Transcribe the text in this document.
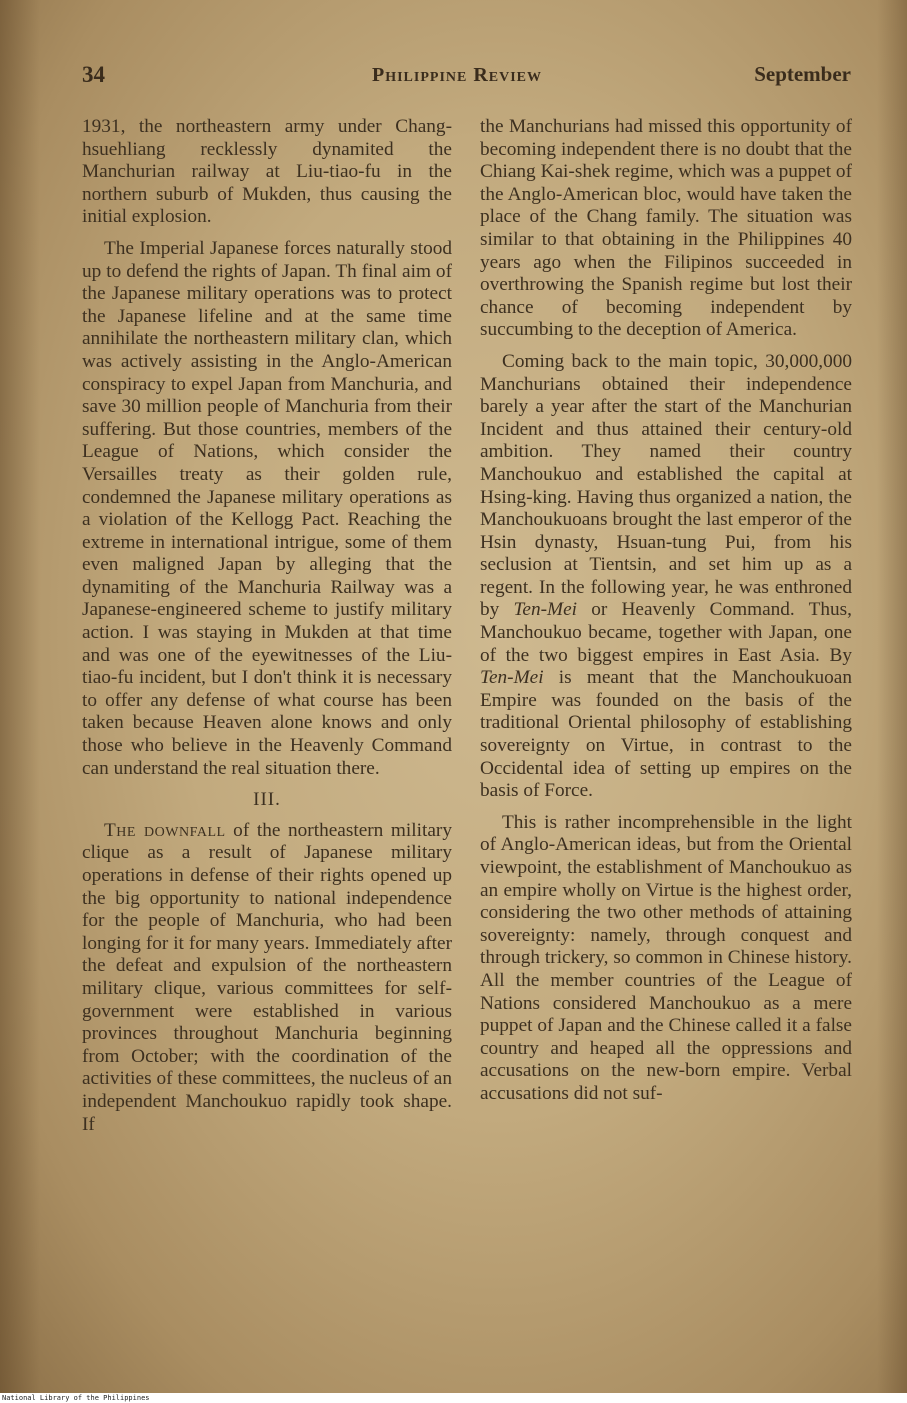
34	Philippine Review	September

1931, the northeastern army under Chang-hsuehliang recklessly dynamited the Manchurian railway at Liu-tiao-fu in the northern suburb of Mukden, thus causing the initial explosion.

The Imperial Japanese forces naturally stood up to defend the rights of Japan. Th final aim of the Japanese military operations was to protect the Japanese lifeline and at the same time annihilate the northeastern military clan, which was actively assisting in the Anglo-American conspiracy to expel Japan from Manchuria, and save 30 million people of Manchuria from their suffering. But those countries, members of the League of Nations, which consider the Versailles treaty as their golden rule, condemned the Japanese military operations as a violation of the Kellogg Pact. Reaching the extreme in international intrigue, some of them even maligned Japan by alleging that the dynamiting of the Manchuria Railway was a Japanese-engineered scheme to justify military action. I was staying in Mukden at that time and was one of the eyewitnesses of the Liu-tiao-fu incident, but I don't think it is necessary to offer any defense of what course has been taken because Heaven alone knows and only those who believe in the Heavenly Command can understand the real situation there.

III.

The downfall of the northeastern military clique as a result of Japanese military operations in defense of their rights opened up the big opportunity to national independence for the people of Manchuria, who had been longing for it for many years. Immediately after the defeat and expulsion of the northeastern military clique, various committees for self-government were established in various provinces throughout Manchuria beginning from October; with the coordination of the activities of these committees, the nucleus of an independent Manchoukuo rapidly took shape. If

the Manchurians had missed this opportunity of becoming independent there is no doubt that the Chiang Kai-shek regime, which was a puppet of the Anglo-American bloc, would have taken the place of the Chang family. The situation was similar to that obtaining in the Philippines 40 years ago when the Filipinos succeeded in overthrowing the Spanish regime but lost their chance of becoming independent by succumbing to the deception of America.

Coming back to the main topic, 30,000,000 Manchurians obtained their independence barely a year after the start of the Manchurian Incident and thus attained their century-old ambition. They named their country Manchoukuo and established the capital at Hsing-king. Having thus organized a nation, the Manchoukuoans brought the last emperor of the Hsin dynasty, Hsuan-tung Pui, from his seclusion at Tientsin, and set him up as a regent. In the following year, he was enthroned by Ten-Mei or Heavenly Command. Thus, Manchoukuo became, together with Japan, one of the two biggest empires in East Asia. By Ten-Mei is meant that the Manchoukuoan Empire was founded on the basis of the traditional Oriental philosophy of establishing sovereignty on Virtue, in contrast to the Occidental idea of setting up empires on the basis of Force.

This is rather incomprehensible in the light of Anglo-American ideas, but from the Oriental viewpoint, the establishment of Manchoukuo as an empire wholly on Virtue is the highest order, considering the two other methods of attaining sovereignty: namely, through conquest and through trickery, so common in Chinese history. All the member countries of the League of Nations considered Manchoukuo as a mere puppet of Japan and the Chinese called it a false country and heaped all the oppressions and accusations on the new-born empire. Verbal accusations did not suf-

National Library of the Philippines
